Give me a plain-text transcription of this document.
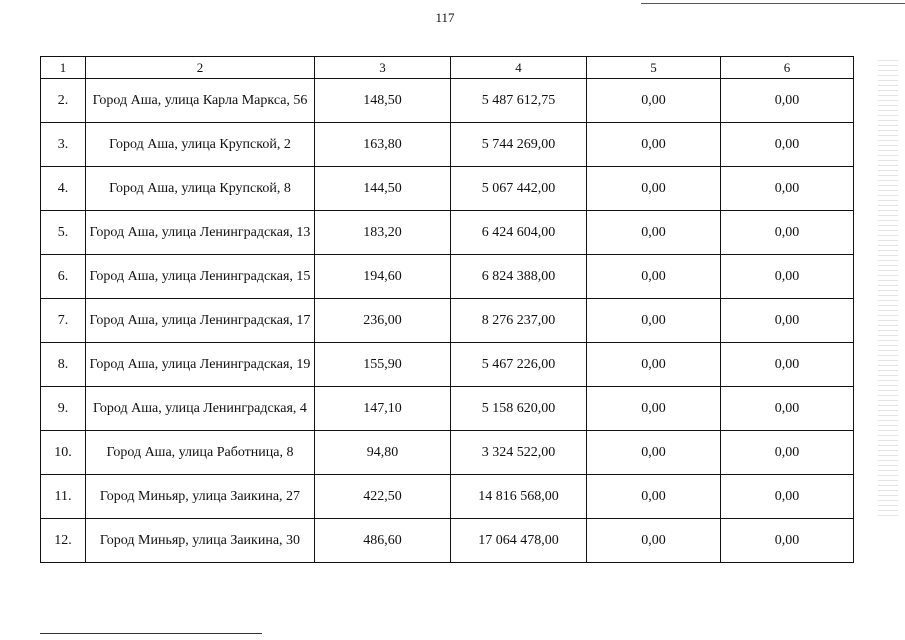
117
1	2	3	4	5	6
2.	Город Аша, улица Карла Маркса, 56	148,50	5 487 612,75	0,00	0,00
3.	Город Аша, улица Крупской, 2	163,80	5 744 269,00	0,00	0,00
4.	Город Аша, улица Крупской, 8	144,50	5 067 442,00	0,00	0,00
5.	Город Аша, улица Ленинградская, 13	183,20	6 424 604,00	0,00	0,00
6.	Город Аша, улица Ленинградская, 15	194,60	6 824 388,00	0,00	0,00
7.	Город Аша, улица Ленинградская, 17	236,00	8 276 237,00	0,00	0,00
8.	Город Аша, улица Ленинградская, 19	155,90	5 467 226,00	0,00	0,00
9.	Город Аша, улица Ленинградская, 4	147,10	5 158 620,00	0,00	0,00
10.	Город Аша, улица Работница, 8	94,80	3 324 522,00	0,00	0,00
11.	Город Миньяр, улица Заикина, 27	422,50	14 816 568,00	0,00	0,00
12.	Город Миньяр, улица Заикина, 30	486,60	17 064 478,00	0,00	0,00
